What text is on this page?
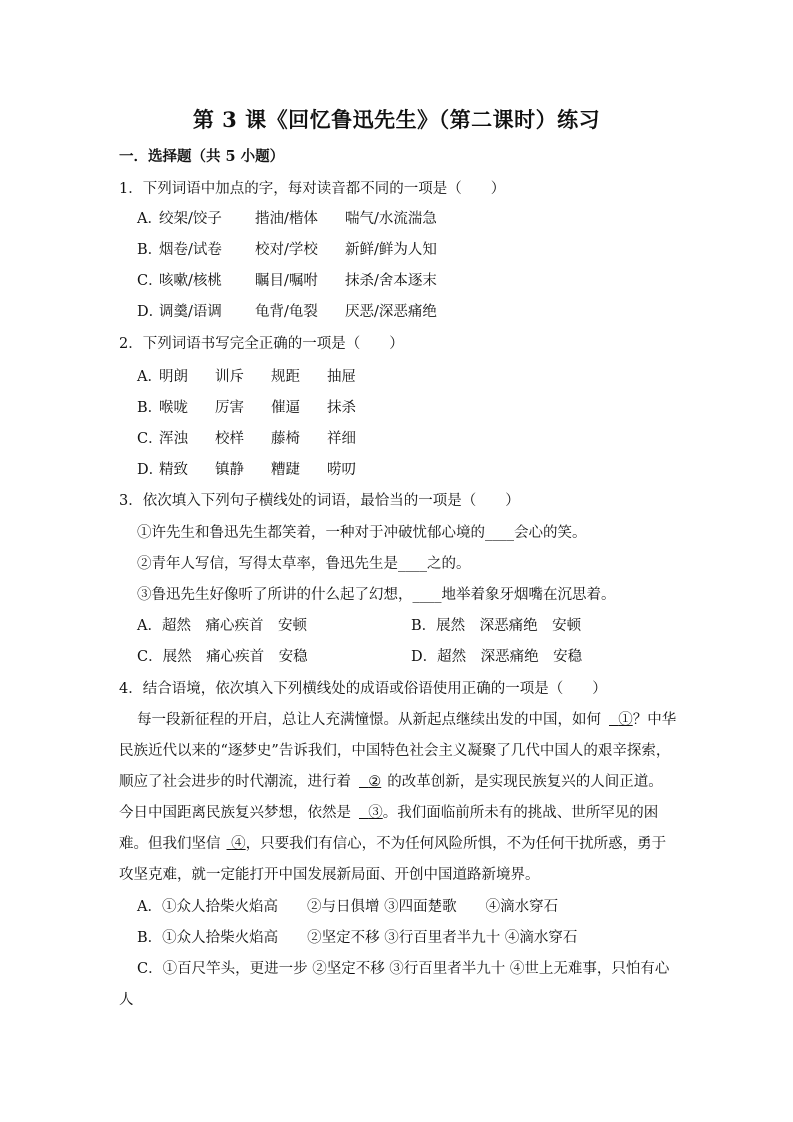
第 3 课《回忆鲁迅先生》（第二课时）练习
一．选择题（共 5 小题）
1．下列词语中加点的字，每对读音都不同的一项是（　　）
A．绞架/饺子 揩油/楷体 喘气/水流湍急
B．烟卷/试卷 校对/学校 新鲜/鲜为人知
C．咳嗽/核桃 瞩目/嘱咐 抹杀/舍本逐末
D．调羹/语调 龟背/龟裂 厌恶/深恶痛绝
2．下列词语书写完全正确的一项是（　　）
A．明朗 训斥 规距 抽屉
B．喉咙 厉害 催逼 抹杀
C．浑浊 校样 藤椅 祥细
D．精致 镇静 糟踕 唠叨
3．依次填入下列句子横线处的词语，最恰当的一项是（　　）
①许先生和鲁迅先生都笑着，一种对于冲破忧郁心境的____会心的笑。
②青年人写信，写得太草率，鲁迅先生是____之的。
③鲁迅先生好像听了所讲的什么起了幻想，____地举着象牙烟嘴在沉思着。
A．超然　痛心疾首　安顿	B．展然　深恶痛绝　安顿
C．展然　痛心疾首　安稳	D．超然　深恶痛绝　安稳
4．结合语境，依次填入下列横线处的成语或俗语使用正确的一项是（　　）
每一段新征程的开启，总让人充满憧憬。从新起点继续出发的中国，如何 ①？中华
民族近代以来的“逐梦史”告诉我们，中国特色社会主义凝聚了几代中国人的艰辛探索，
顺应了社会进步的时代潮流，进行着 ② 的改革创新，是实现民族复兴的人间正道。
今日中国距离民族复兴梦想，依然是 ③。我们面临前所未有的挑战、世所罕见的困
难。但我们坚信 ④，只要我们有信心，不为任何风险所惧，不为任何干扰所惑，勇于
攻坚克难，就一定能打开中国发展新局面、开创中国道路新境界。
A．①众人拾柴火焰高　　②与日俱增 ③四面楚歌　　④滴水穿石
B．①众人拾柴火焰高　　②坚定不移 ③行百里者半九十 ④滴水穿石
C．①百尺竿头，更进一步 ②坚定不移 ③行百里者半九十 ④世上无难事，只怕有心
人
